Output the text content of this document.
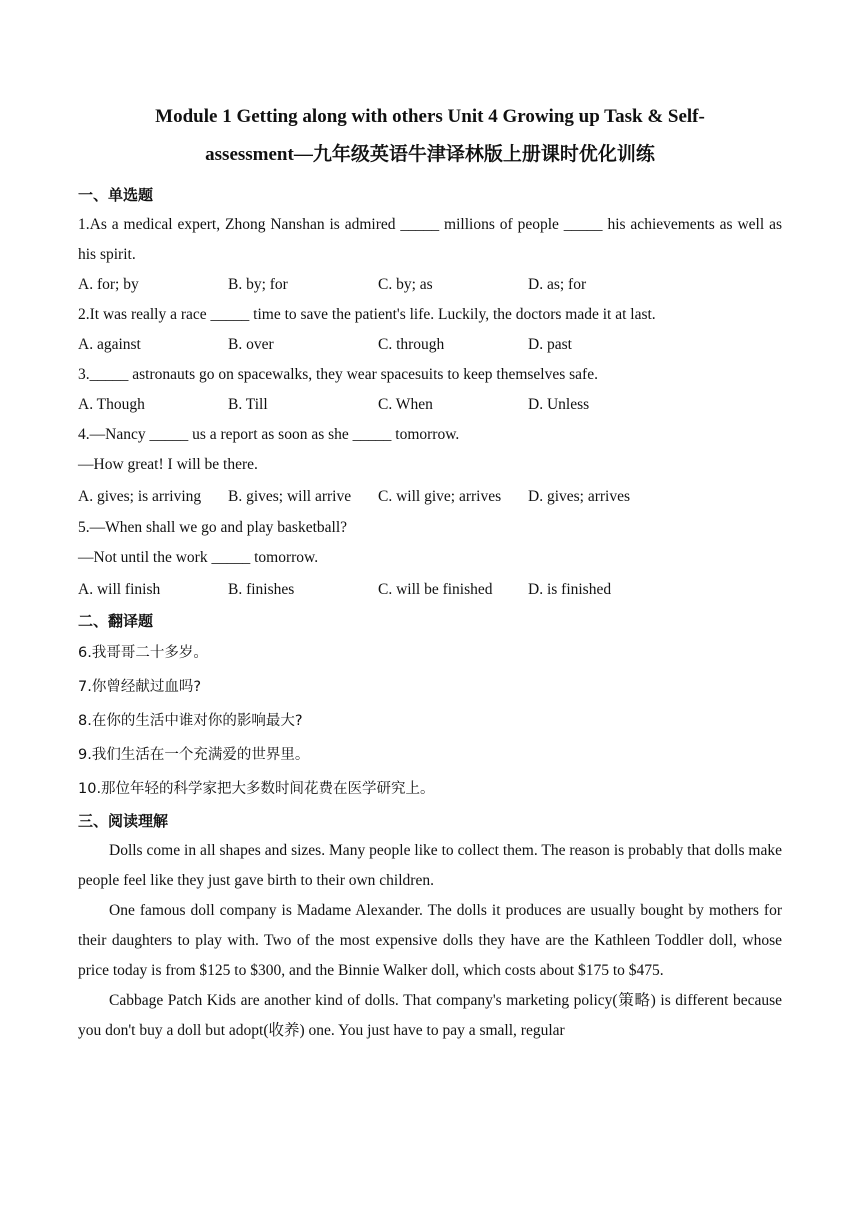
Module 1 Getting along with others Unit 4 Growing up Task & Self-
assessment—九年级英语牛津译林版上册课时优化训练
一、单选题
1.As a medical expert, Zhong Nanshan is admired _____ millions of people _____ his achievements as well as his spirit.
A. for; by	B. by; for	C. by; as	D. as; for
2.It was really a race _____ time to save the patient's life. Luckily, the doctors made it at last.
A. against	B. over	C. through	D. past
3._____ astronauts go on spacewalks, they wear spacesuits to keep themselves safe.
A. Though	B. Till	C. When	D. Unless
4.—Nancy _____ us a report as soon as she _____ tomorrow.
—How great! I will be there.
A. gives; is arriving	B. gives; will arrive	C. will give; arrives	D. gives; arrives
5.—When shall we go and play basketball?
—Not until the work _____ tomorrow.
A. will finish	B. finishes	C. will be finished	D. is finished
二、翻译题
6.我哥哥二十多岁。
7.你曾经献过血吗?
8.在你的生活中谁对你的影响最大?
9.我们生活在一个充满爱的世界里。
10.那位年轻的科学家把大多数时间花费在医学研究上。
三、阅读理解

Dolls come in all shapes and sizes. Many people like to collect them. The reason is probably that dolls make people feel like they just gave birth to their own children.

One famous doll company is Madame Alexander. The dolls it produces are usually bought by mothers for their daughters to play with. Two of the most expensive dolls they have are the Kathleen Toddler doll, whose price today is from $125 to $300, and the Binnie Walker doll, which costs about $175 to $475.

Cabbage Patch Kids are another kind of dolls. That company's marketing policy(策略) is different because you don't buy a doll but adopt(收养) one. You just have to pay a small, regular
